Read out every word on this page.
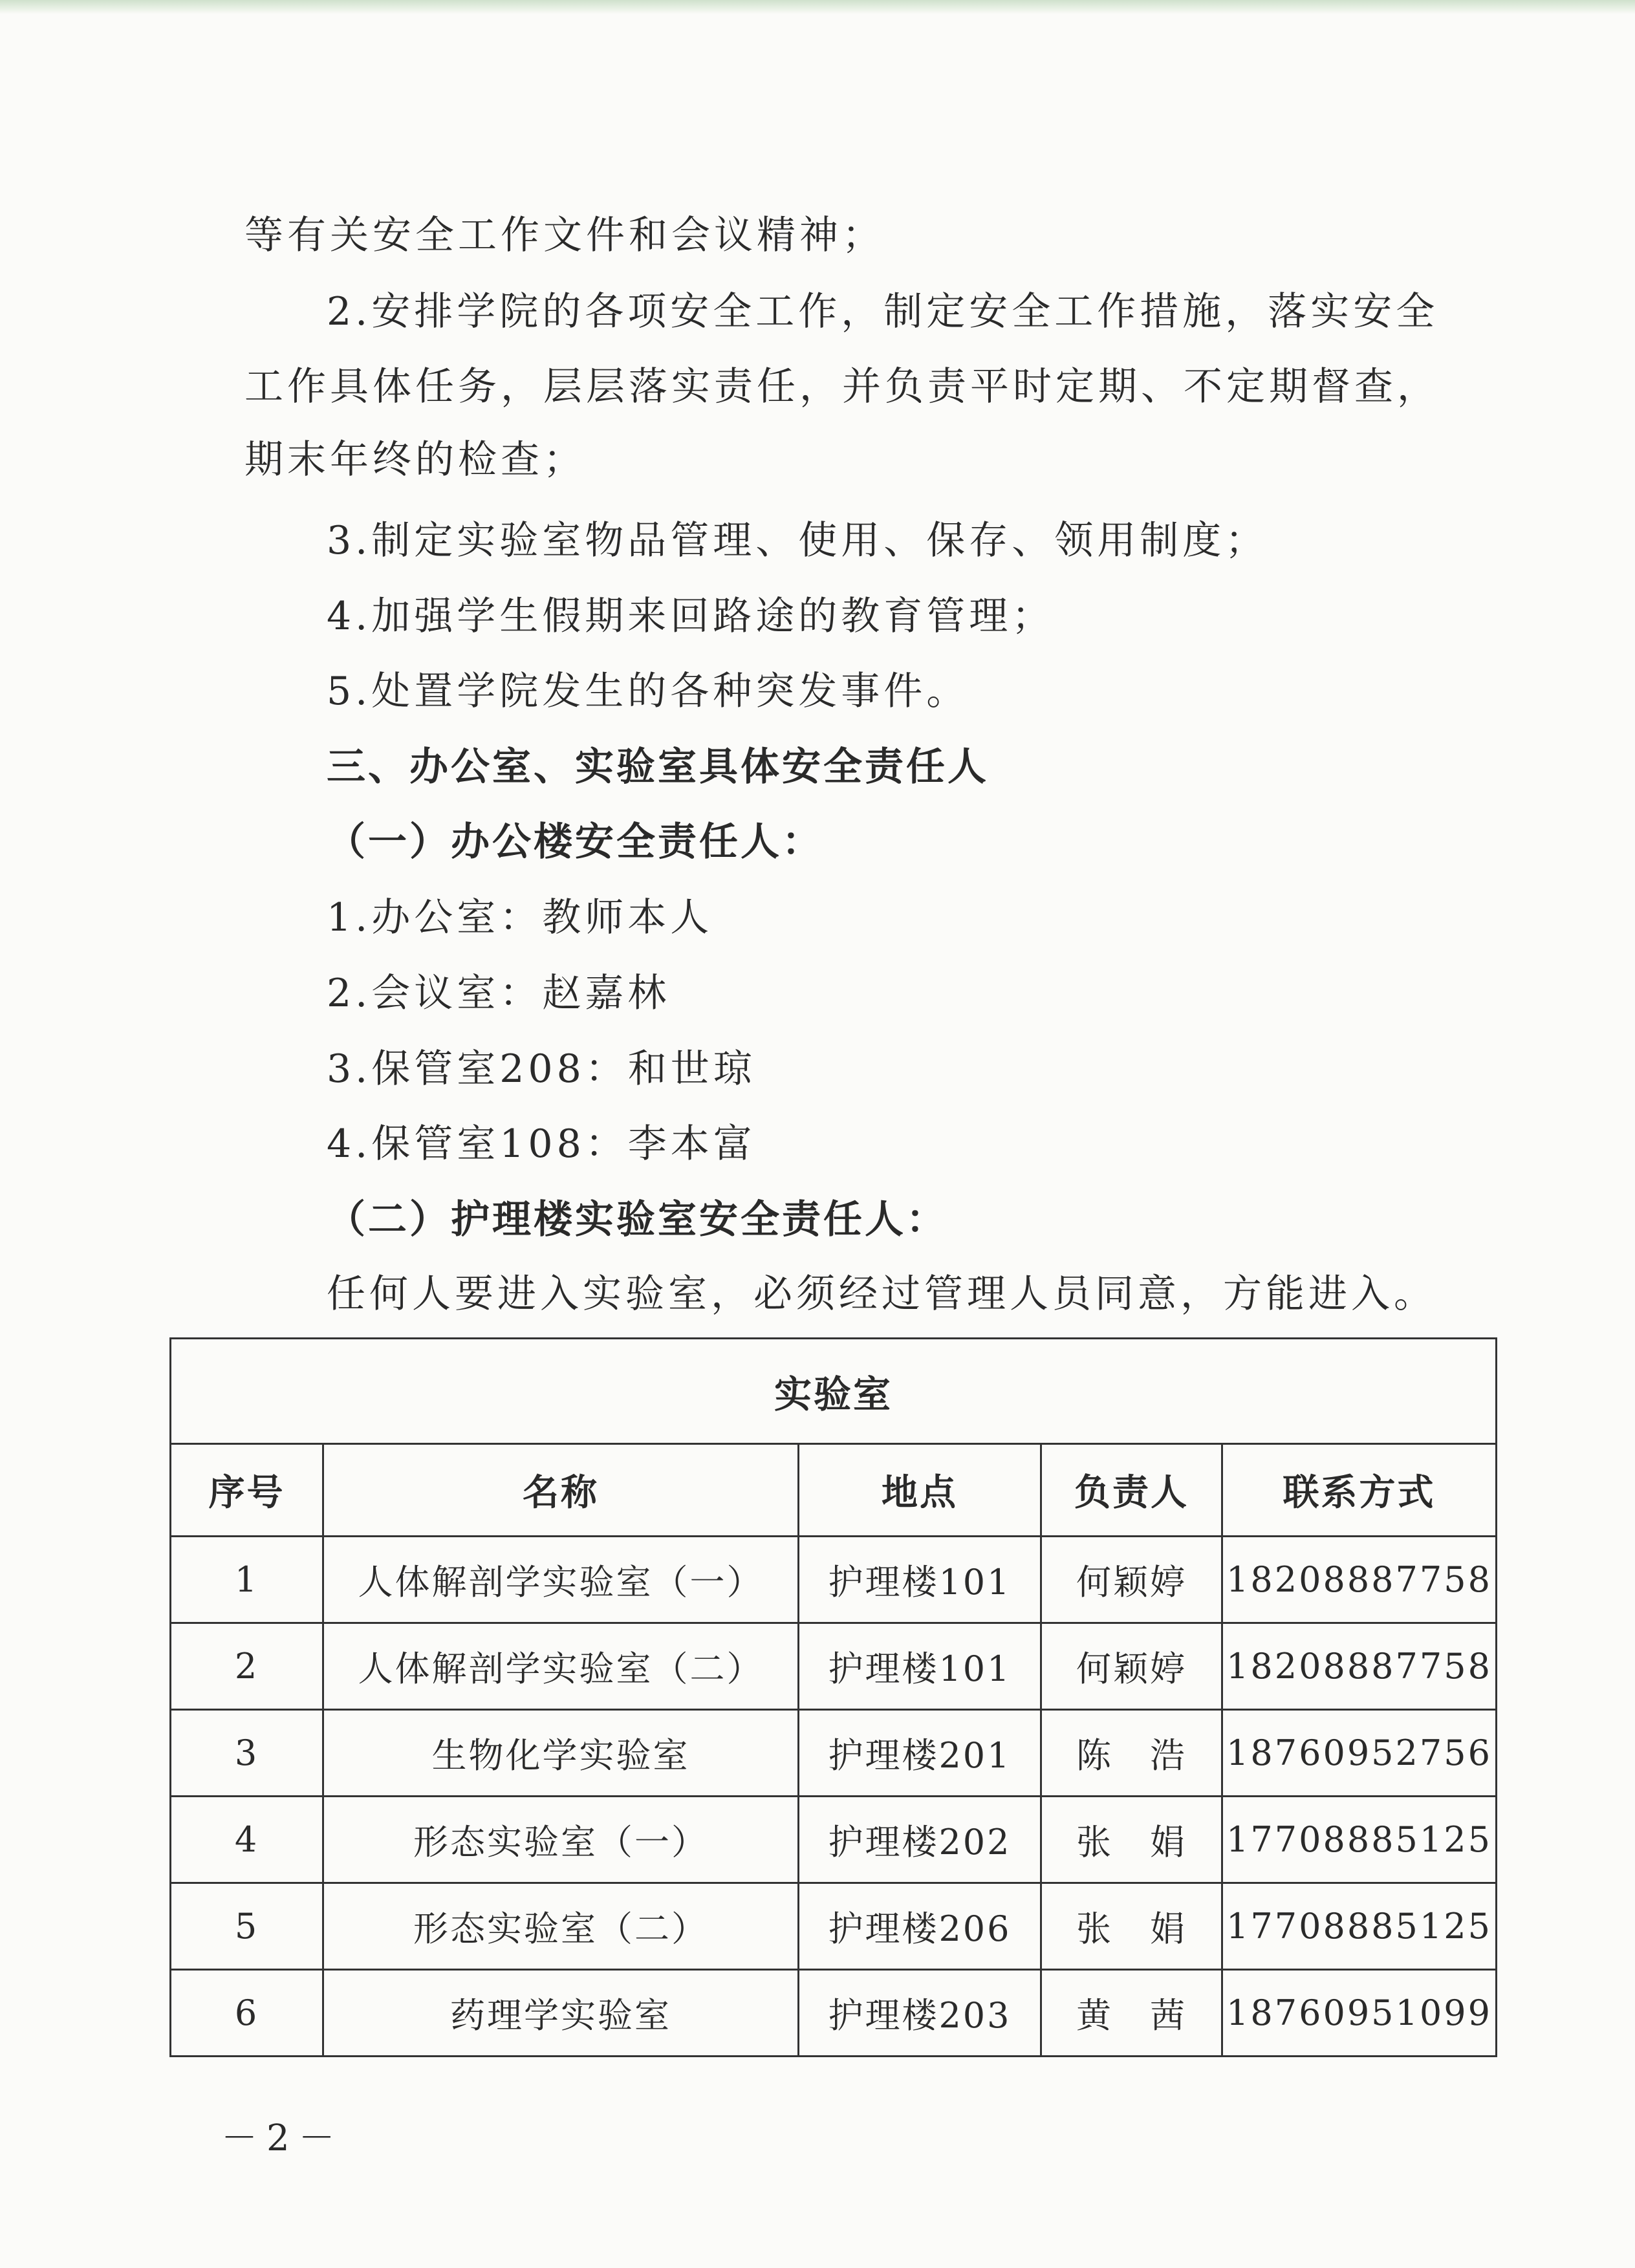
等有关安全工作文件和会议精神；
2.安排学院的各项安全工作，制定安全工作措施，落实安全
工作具体任务，层层落实责任，并负责平时定期、不定期督查，
期末年终的检查；
3.制定实验室物品管理、使用、保存、领用制度；
4.加强学生假期来回路途的教育管理；
5.处置学院发生的各种突发事件。
三、办公室、实验室具体安全责任人
（一）办公楼安全责任人：
1.办公室：教师本人
2.会议室：赵嘉林
3.保管室208：和世琼
4.保管室108：李本富
（二）护理楼实验室安全责任人：
任何人要进入实验室，必须经过管理人员同意，方能进入。
实验室				
序号	名称	地点	负责人	联系方式
1	人体解剖学实验室（一）	护理楼101	何颖婷	18208887758
2	人体解剖学实验室（二）	护理楼101	何颖婷	18208887758
3	生物化学实验室	护理楼201	陈　浩	18760952756
4	形态实验室（一）	护理楼202	张　娟	17708885125
5	形态实验室（二）	护理楼206	张　娟	17708885125
6	药理学实验室	护理楼203	黄　茜	18760951099
－2－
